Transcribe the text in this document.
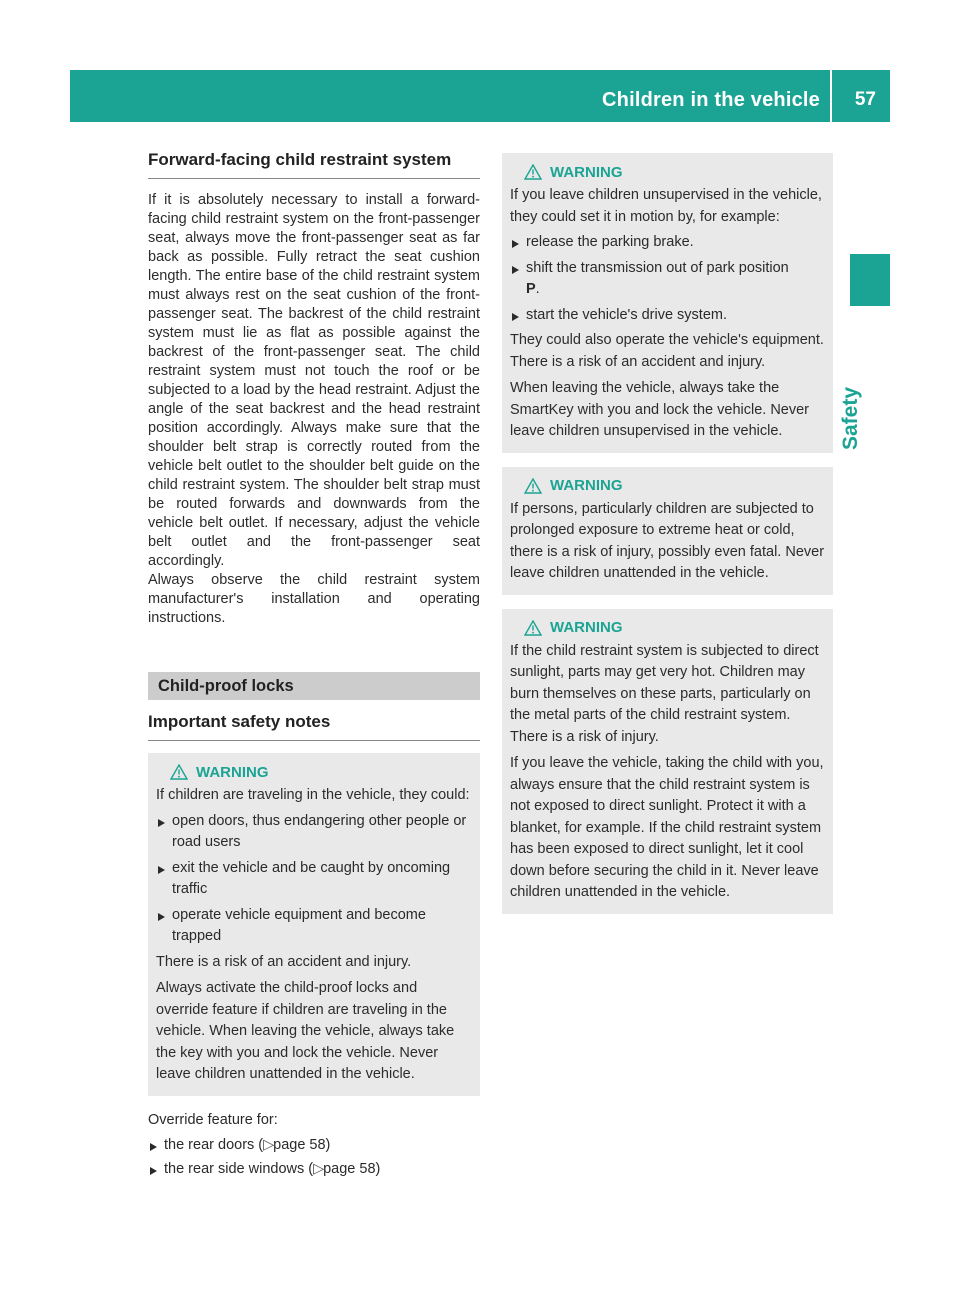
Children in the vehicle 57
Safety
Forward-facing child restraint system

If it is absolutely necessary to install a forward-facing child restraint system on the front-passenger seat, always move the front-passenger seat as far back as possible. Fully retract the seat cushion length. The entire base of the child restraint system must always rest on the seat cushion of the front-passenger seat. The backrest of the child restraint system must lie as flat as possible against the backrest of the front-passenger seat. The child restraint system must not touch the roof or be subjected to a load by the head restraint. Adjust the angle of the seat backrest and the head restraint position accordingly. Always make sure that the shoulder belt strap is correctly routed from the vehicle belt outlet to the shoulder belt guide on the child restraint system. The shoulder belt strap must be routed forwards and downwards from the vehicle belt outlet. If necessary, adjust the vehicle belt outlet and the front-passenger seat accordingly.

Always observe the child restraint system manufacturer's installation and operating instructions.

Child-proof locks
Important safety notes
WARNING

If children are traveling in the vehicle, they could:

open doors, thus endangering other people or road users
exit the vehicle and be caught by oncoming traffic
operate vehicle equipment and become trapped

There is a risk of an accident and injury.

Always activate the child-proof locks and override feature if children are traveling in the vehicle. When leaving the vehicle, always take the key with you and lock the vehicle. Never leave children unattended in the vehicle.

Override feature for:

the rear doors (▷page 58)
the rear side windows (▷page 58)
WARNING

If you leave children unsupervised in the vehicle, they could set it in motion by, for example:

release the parking brake.
shift the transmission out of park position
P.
start the vehicle's drive system.

They could also operate the vehicle's equipment. There is a risk of an accident and injury.

When leaving the vehicle, always take the SmartKey with you and lock the vehicle. Never leave children unsupervised in the vehicle.

WARNING

If persons, particularly children are subjected to prolonged exposure to extreme heat or cold, there is a risk of injury, possibly even fatal. Never leave children unattended in the vehicle.

WARNING

If the child restraint system is subjected to direct sunlight, parts may get very hot. Children may burn themselves on these parts, particularly on the metal parts of the child restraint system. There is a risk of injury.

If you leave the vehicle, taking the child with you, always ensure that the child restraint system is not exposed to direct sunlight. Protect it with a blanket, for example. If the child restraint system has been exposed to direct sunlight, let it cool down before securing the child in it. Never leave children unattended in the vehicle.
